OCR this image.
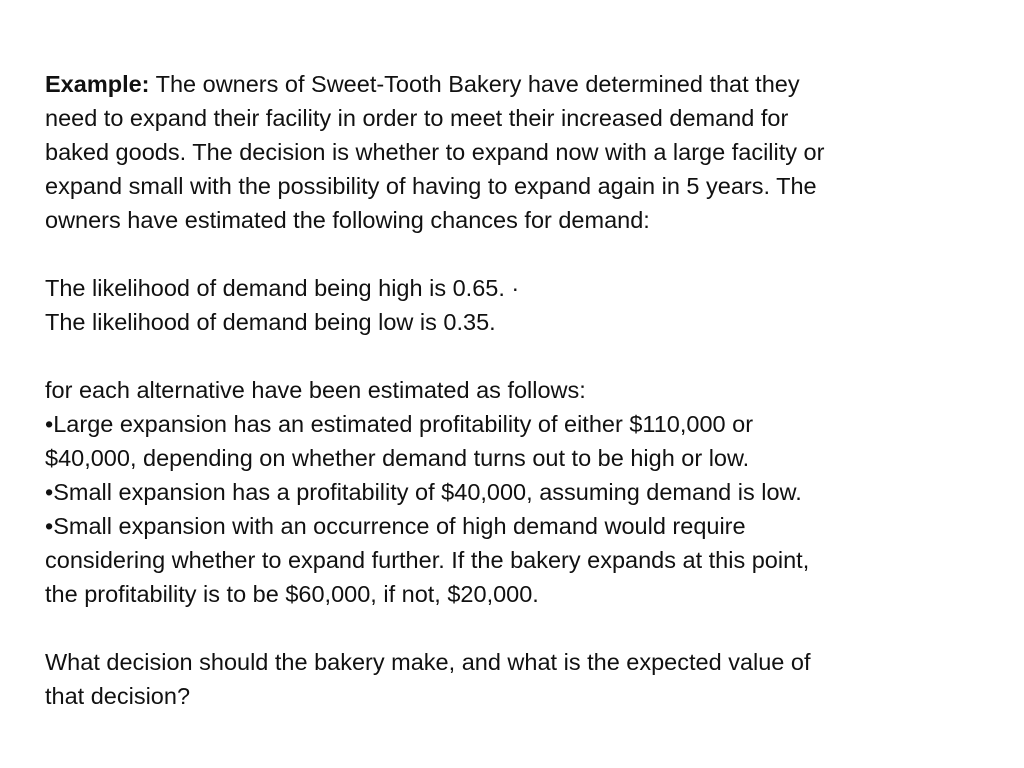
Example: The owners of Sweet-Tooth Bakery have determined that they
need to expand their facility in order to meet their increased demand for
baked goods. The decision is whether to expand now with a large facility or
expand small with the possibility of having to expand again in 5 years. The
owners have estimated the following chances for demand:
The likelihood of demand being high is 0.65. ·
The likelihood of demand being low is 0.35.
for each alternative have been estimated as follows:
•Large expansion has an estimated profitability of either $110,000 or
$40,000, depending on whether demand turns out to be high or low.
•Small expansion has a profitability of $40,000, assuming demand is low.
•Small expansion with an occurrence of high demand would require
considering whether to expand further. If the bakery expands at this point,
the profitability is to be $60,000, if not, $20,000.
What decision should the bakery make, and what is the expected value of
that decision?
